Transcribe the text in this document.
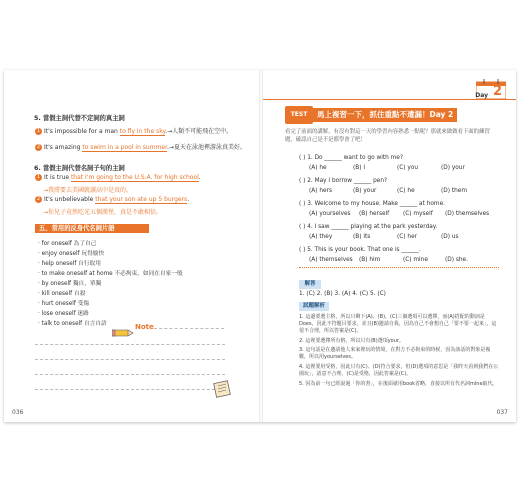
5. 當假主詞代替不定詞的真主詞
1 It's impossible for a man to fly in the sky.→人類不可能飛在空中。
2 It's amazing to swim in a pool in summer.→夏天在泳池裡游泳真美好。
6. 當假主詞代替名詞子句的主詞
1 It is true that I'm going to the U.S.A. for high school.
→我將要去美國就讀高中是真的。
2 It's unbelievable that your son ate up 5 burgers.
→你兒子竟然吃光五個漢堡，真是不敢相信。
五、常用的反身代名詞片語
‧ for oneself 為了自己
‧ enjoy oneself 玩得愉快
‧ help oneself 自行取用
‧ to make oneself at home 不必拘束，如同在自家一般
‧ by oneself 獨自，單獨
‧ kill oneself 自殺
‧ hurt oneself 受傷
‧ lose oneself 迷路
‧ talk to oneself 自言自語	Note
036
Day 2
TEST	馬上複習一下，抓住重點不遺漏！Day 2
看完了前面的講解，有沒有對這一天的學習內容熟悉一點呢？那就來做做看下面的練習題，確認自己是不是都學會了吧！
( ) 1. Do ______ want to go with me?
(A) he	(B) I	(C) you	(D) your
( ) 2. May I borrow ______ pen?
(A) hers	(B) your	(C) he	(D) them
( ) 3. Welcome to my house. Make ______ at home.
(A) yourselves (B) herself (C) myself (D) themselves
( ) 4. I saw ______ playing at the park yesterday.
(A) they	(B) its	(C) her	(D) us
( ) 5. This is your book. That one is ______.
(A) themselves (B) him	(C) mine	(D) she.
解答
1. (C) 2. (B) 3. (A) 4. (C) 5. (C)
試題解析
1. 這邊要選主格，所以只剩下(A)、(B)、(C)三個選項可以選擇，而(A)搭配的動詞是Does，因此不符題目要求，並且(B)邀請自我，因為自己不會想自己「要不要一起來」，這很不合理，所以答案是(C)。
2. 這裡要選擇所有格，所以只有(B)選項your。
3. 這句話是在邀請他人來家裡玩的情境，在對方不必拘束的時候，因為該話的對象是複數，所以用yourselves。
4. 這裡要用受格，因此只有(C)、(D)符合要求，但(D)選項的意思是「我昨天看到我們在公園玩」，語意不合理，(C)是受格，因此答案是(C)。
5. 因為前一句已經說過「你的書」，在後面就用book省略，直接以所有代名詞mine取代。
037
